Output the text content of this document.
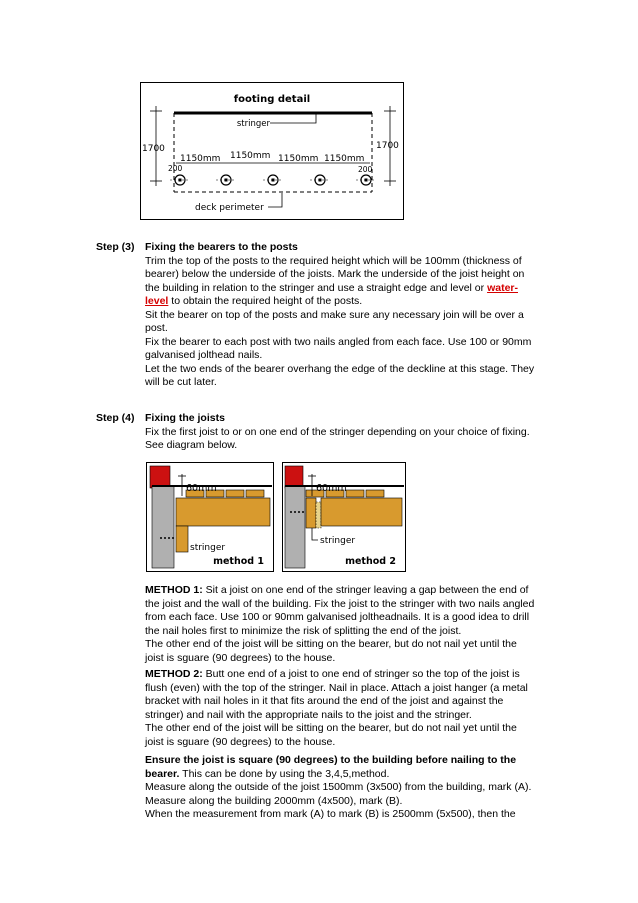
footing detail
stringer
1700	1700
1150mm 1150mm 1150mm 1150mm
200	200
deck perimeter
Step (3) Fixing the bearers to the posts
Trim the top of the posts to the required height which will be 100mm (thickness of
bearer) below the underside of the joists. Mark the underside of the joist height on
the building in relation to the stringer and use a straight edge and level or water-
level to obtain the required height of the posts.
Sit the bearer on top of the posts and make sure any necessary join will be over a
post.
Fix the bearer to each post with two nails angled from each face. Use 100 or 90mm
galvanised jolthead nails.
Let the two ends of the bearer overhang the edge of the deckline at this stage. They
will be cut later.
Step (4) Fixing the joists
Fix the first joist to or on one end of the stringer depending on your choice of fixing.
See diagram below.
60mm
stringer
method 1
60mm
stringer
method 2
METHOD 1: Sit a joist on one end of the stringer leaving a gap between the end of
the joist and the wall of the building. Fix the joist to the stringer with two nails angled
from each face. Use 100 or 90mm galvanised joltheadnails. It is a good idea to drill
the nail holes first to minimize the risk of splitting the end of the joist.
The other end of the joist will be sitting on the bearer, but do not nail yet until the
joist is sguare (90 degrees) to the house.
METHOD 2: Butt one end of a joist to one end of stringer so the top of the joist is
flush (even) with the top of the stringer. Nail in place. Attach a joist hanger (a metal
bracket with nail holes in it that fits around the end of the joist and against the
stringer) and nail with the appropriate nails to the joist and the stringer.
The other end of the joist will be sitting on the bearer, but do not nail yet until the
joist is sguare (90 degrees) to the house.
Ensure the joist is square (90 degrees) to the building before nailing to the
bearer. This can be done by using the 3,4,5,method.
Measure along the outside of the joist 1500mm (3x500) from the building, mark (A).
Measure along the building 2000mm (4x500), mark (B).
When the measurement from mark (A) to mark (B) is 2500mm (5x500), then the
